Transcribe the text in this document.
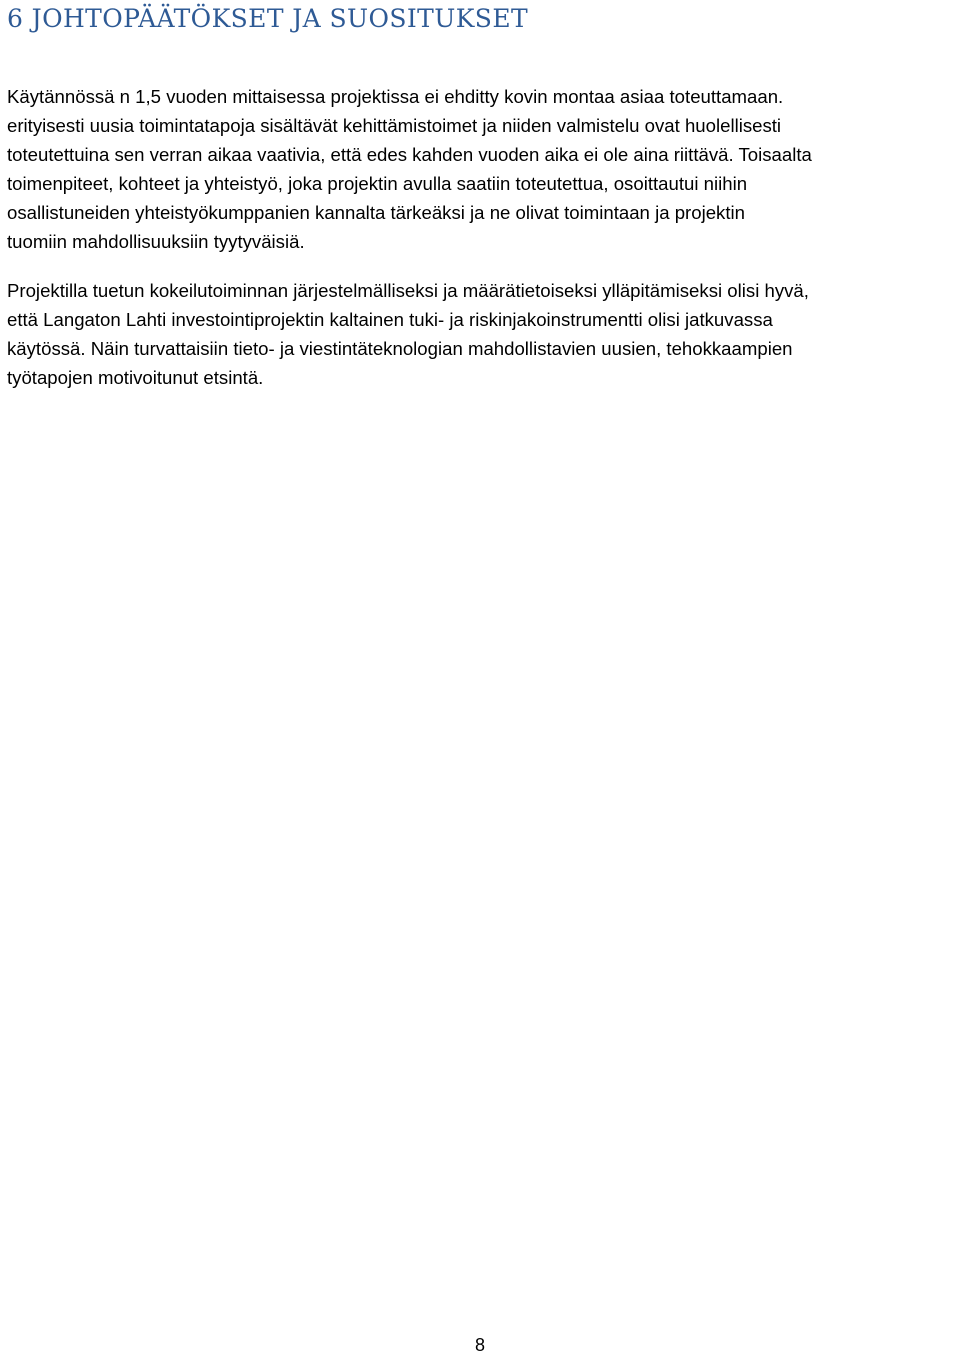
6 JOHTOPÄÄTÖKSET JA SUOSITUKSET

Käytännössä n 1,5 vuoden mittaisessa projektissa ei ehditty kovin montaa asiaa toteuttamaan.
erityisesti uusia toimintatapoja sisältävät kehittämistoimet ja niiden valmistelu ovat huolellisesti
toteutettuina sen verran aikaa vaativia, että edes kahden vuoden aika ei ole aina riittävä. Toisaalta
toimenpiteet, kohteet ja yhteistyö, joka projektin avulla saatiin toteutettua, osoittautui niihin
osallistuneiden yhteistyökumppanien kannalta tärkeäksi ja ne olivat toimintaan ja projektin
tuomiin mahdollisuuksiin tyytyväisiä.

Projektilla tuetun kokeilutoiminnan järjestelmälliseksi ja määrätietoiseksi ylläpitämiseksi olisi hyvä,
että Langaton Lahti investointiprojektin kaltainen tuki- ja riskinjakoinstrumentti olisi jatkuvassa
käytössä. Näin turvattaisiin tieto- ja viestintäteknologian mahdollistavien uusien, tehokkaampien
työtapojen motivoitunut etsintä.

8
